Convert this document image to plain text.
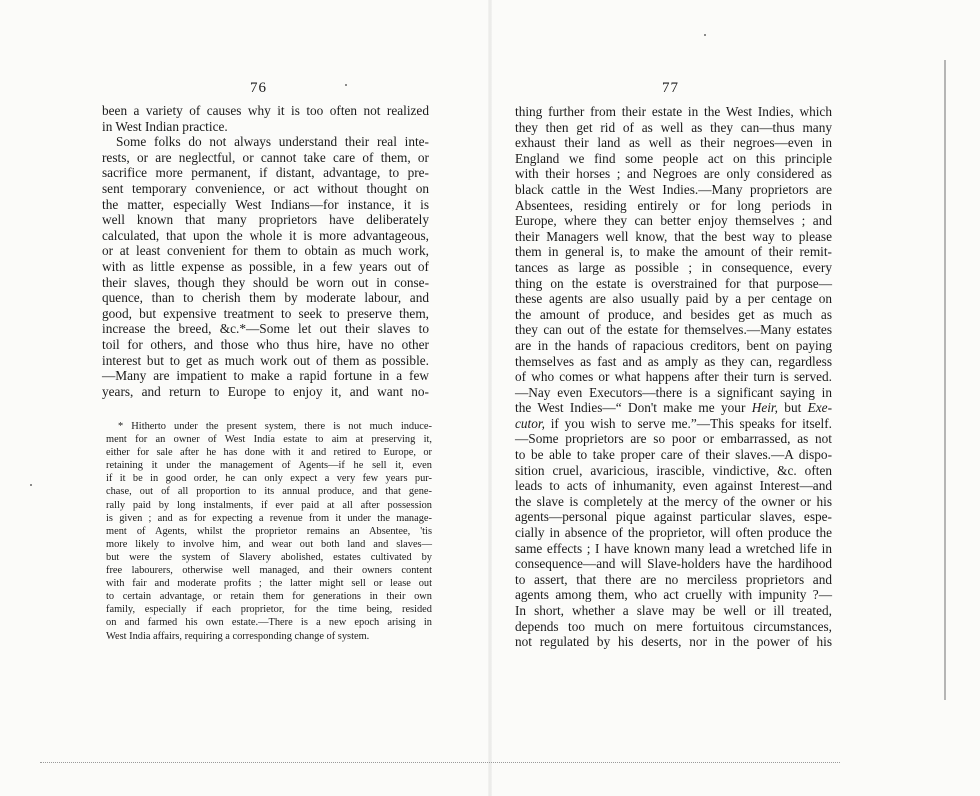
76
been a variety of causes why it is too often not realized
in West Indian practice.
Some folks do not always understand their real inte-
rests, or are neglectful, or cannot take care of them, or
sacrifice more permanent, if distant, advantage, to pre-
sent temporary convenience, or act without thought on
the matter, especially West Indians—for instance, it is
well known that many proprietors have deliberately
calculated, that upon the whole it is more advantageous,
or at least convenient for them to obtain as much work,
with as little expense as possible, in a few years out of
their slaves, though they should be worn out in conse-
quence, than to cherish them by moderate labour, and
good, but expensive treatment to seek to preserve them,
increase the breed, &c.*—Some let out their slaves to
toil for others, and those who thus hire, have no other
interest but to get as much work out of them as possible.
—Many are impatient to make a rapid fortune in a few
years, and return to Europe to enjoy it, and want no-
* Hitherto under the present system, there is not much induce-
ment for an owner of West India estate to aim at preserving it,
either for sale after he has done with it and retired to Europe, or
retaining it under the management of Agents—if he sell it, even
if it be in good order, he can only expect a very few years pur-
chase, out of all proportion to its annual produce, and that gene-
rally paid by long instalments, if ever paid at all after possession
is given ; and as for expecting a revenue from it under the manage-
ment of Agents, whilst the proprietor remains an Absentee, 'tis
more likely to involve him, and wear out both land and slaves—
but were the system of Slavery abolished, estates cultivated by
free labourers, otherwise well managed, and their owners content
with fair and moderate profits ; the latter might sell or lease out
to certain advantage, or retain them for generations in their own
family, especially if each proprietor, for the time being, resided
on and farmed his own estate.—There is a new epoch arising in
West India affairs, requiring a corresponding change of system.
77
thing further from their estate in the West Indies, which
they then get rid of as well as they can—thus many
exhaust their land as well as their negroes—even in
England we find some people act on this principle
with their horses ; and Negroes are only considered as
black cattle in the West Indies.—Many proprietors are
Absentees, residing entirely or for long periods in
Europe, where they can better enjoy themselves ; and
their Managers well know, that the best way to please
them in general is, to make the amount of their remit-
tances as large as possible ; in consequence, every
thing on the estate is overstrained for that purpose—
these agents are also usually paid by a per centage on
the amount of produce, and besides get as much as
they can out of the estate for themselves.—Many estates
are in the hands of rapacious creditors, bent on paying
themselves as fast and as amply as they can, regardless
of who comes or what happens after their turn is served.
—Nay even Executors—there is a significant saying in
the West Indies—“ Don't make me your Heir, but Exe-
cutor, if you wish to serve me.”—This speaks for itself.
—Some proprietors are so poor or embarrassed, as not
to be able to take proper care of their slaves.—A dispo-
sition cruel, avaricious, irascible, vindictive, &c. often
leads to acts of inhumanity, even against Interest—and
the slave is completely at the mercy of the owner or his
agents—personal pique against particular slaves, espe-
cially in absence of the proprietor, will often produce the
same effects ; I have known many lead a wretched life in
consequence—and will Slave-holders have the hardihood
to assert, that there are no merciless proprietors and
agents among them, who act cruelly with impunity ?—
In short, whether a slave may be well or ill treated,
depends too much on mere fortuitous circumstances,
not regulated by his deserts, nor in the power of his
